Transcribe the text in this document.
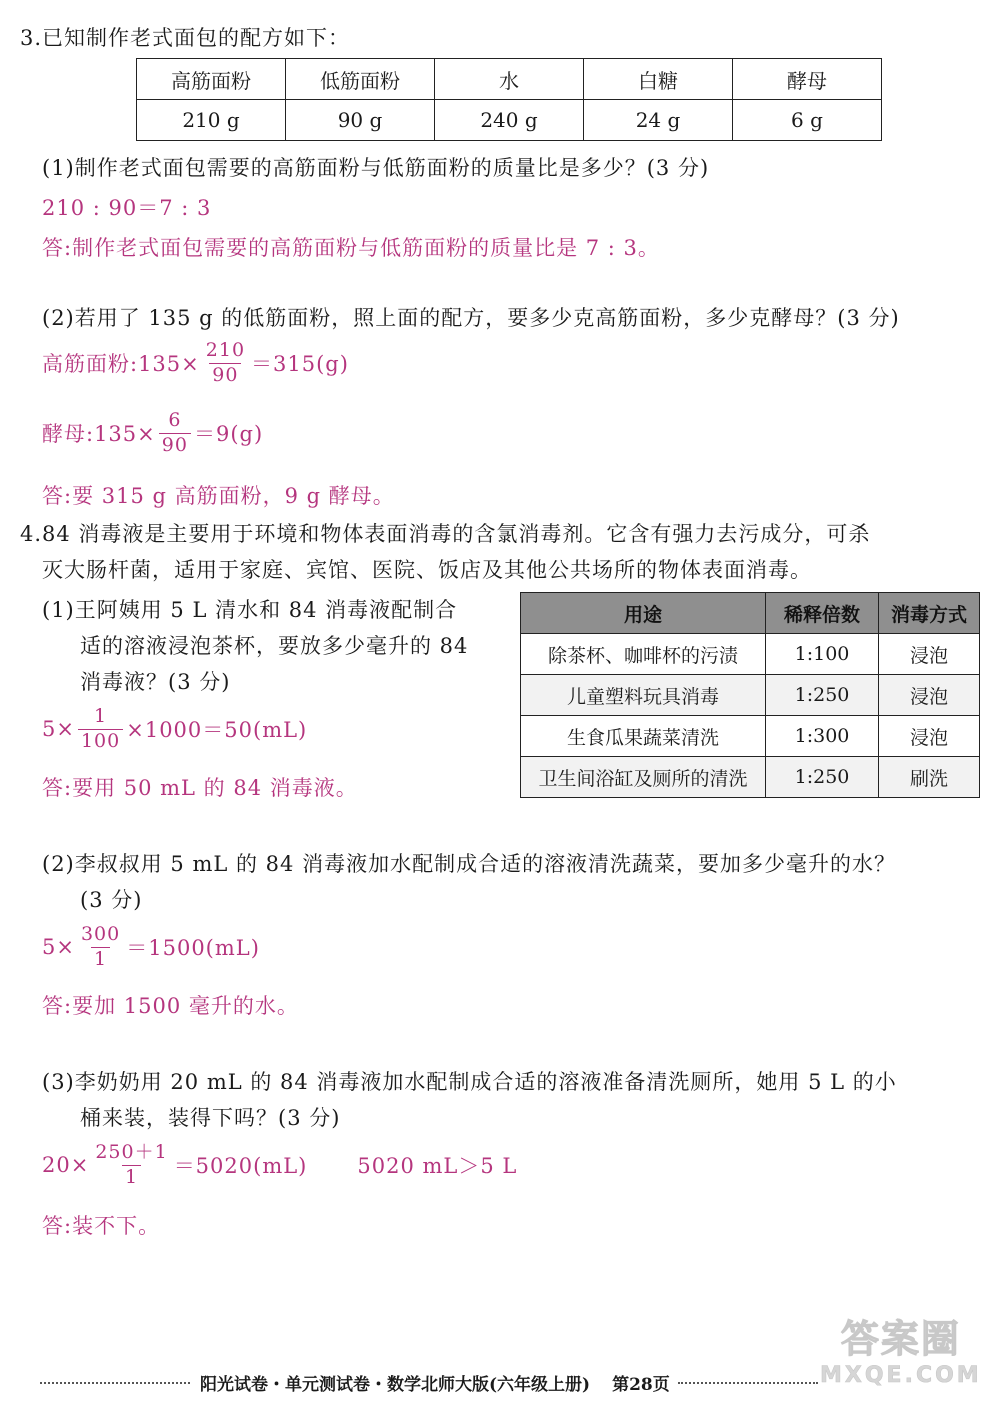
3.已知制作老式面包的配方如下：
高筋面粉	低筋面粉	水	白糖	酵母
210 g	90 g	240 g	24 g	6 g
(1)制作老式面包需要的高筋面粉与低筋面粉的质量比是多少？(3 分)
210 : 90＝7 : 3
答:制作老式面包需要的高筋面粉与低筋面粉的质量比是 7 : 3。
(2)若用了 135 g 的低筋面粉，照上面的配方，要多少克高筋面粉，多少克酵母？(3 分)
高筋面粉:135× $\frac{210}{90} =315(g)$
酵母:135× $\frac{6}{90} =9(g)$
答:要 315 g 高筋面粉，9 g 酵母。
4.84 消毒液是主要用于环境和物体表面消毒的含氯消毒剂。它含有强力去污成分，可杀
灭大肠杆菌，适用于家庭、宾馆、医院、饭店及其他公共场所的物体表面消毒。
(1)王阿姨用 5 L 清水和 84 消毒液配制合
适的溶液浸泡茶杯，要放多少毫升的 84
消毒液？(3 分)
用途	稀释倍数	消毒方式
除茶杯、咖啡杯的污渍	1:100	浸泡
儿童塑料玩具消毒	1:250	浸泡
生食瓜果蔬菜清洗	1:300	浸泡
卫生间浴缸及厕所的清洗	1:250	刷洗
$5\times \frac{1}{100} \times 1000=50(mL)$
答:要用 50 mL 的 84 消毒液。
(2)李叔叔用 5 mL 的 84 消毒液加水配制成合适的溶液清洗蔬菜，要加多少毫升的水？
(3 分)
$5\times \frac{300}{1} =1500(mL)$
答:要加 1500 毫升的水。
(3)李奶奶用 20 mL 的 84 消毒液加水配制成合适的溶液准备清洗厕所，她用 5 L 的小
桶来装，装得下吗？(3 分)
$20\times \frac{250+1}{1} =5020(mL)$ 5020 mL＞5 L
答:装不下。
阳光试卷・单元测试卷・数学北师大版(六年级上册) 第28页
答案圈
MXQE.COM
